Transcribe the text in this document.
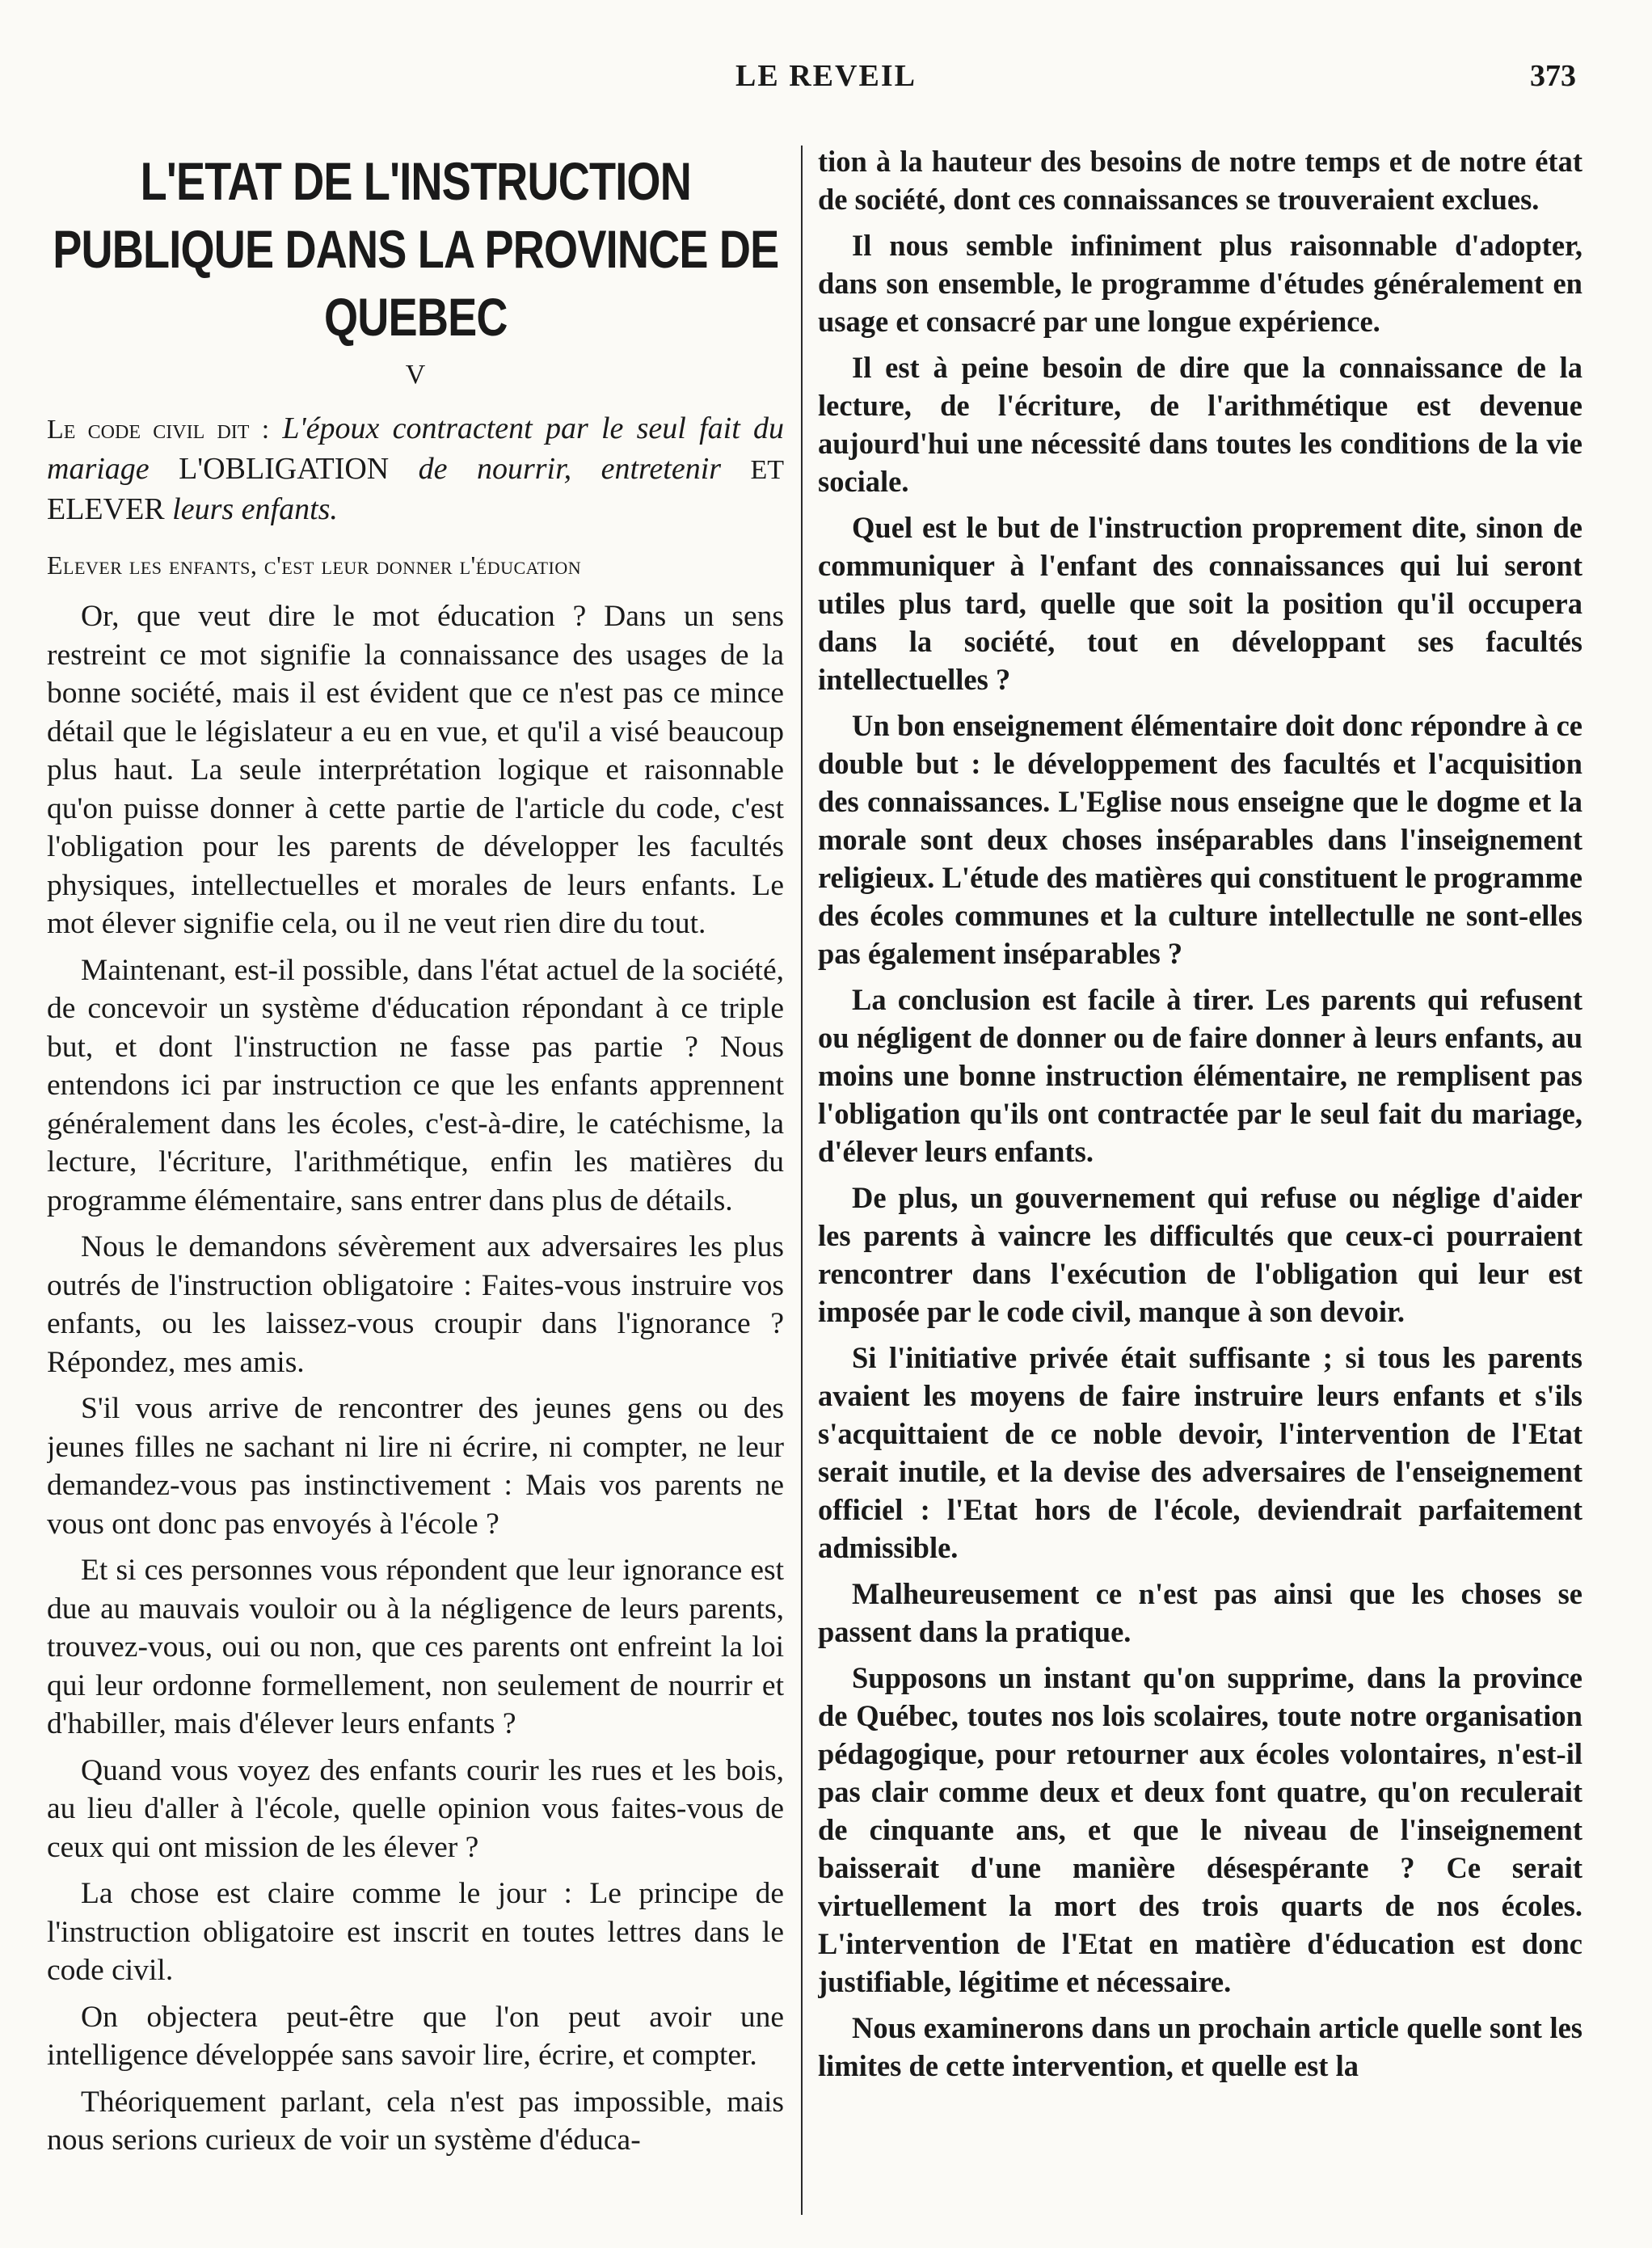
LE REVEIL	373
L'ETAT DE L'INSTRUCTION PUBLIQUE DANS LA PROVINCE DE QUEBEC
V

Le code civil dit : L'époux contractent par le seul fait du mariage L'OBLIGATION de nourrir, entretenir ET ELEVER leurs enfants.

Elever les enfants, c'est leur donner l'éducation

Or, que veut dire le mot éducation ? Dans un sens restreint ce mot signifie la connaissance des usages de la bonne société, mais il est évident que ce n'est pas ce mince détail que le législateur a eu en vue, et qu'il a visé beaucoup plus haut. La seule interprétation logique et raisonnable qu'on puisse donner à cette partie de l'article du code, c'est l'obligation pour les parents de développer les facultés physiques, intellectuelles et morales de leurs enfants. Le mot élever signifie cela, ou il ne veut rien dire du tout.

Maintenant, est-il possible, dans l'état actuel de la société, de concevoir un système d'éducation répondant à ce triple but, et dont l'instruction ne fasse pas partie ? Nous entendons ici par instruction ce que les enfants apprennent généralement dans les écoles, c'est-à-dire, le catéchisme, la lecture, l'écriture, l'arithmétique, enfin les matières du programme élémentaire, sans entrer dans plus de détails.

Nous le demandons sévèrement aux adversaires les plus outrés de l'instruction obligatoire : Faites-vous instruire vos enfants, ou les laissez-vous croupir dans l'ignorance ? Répondez, mes amis.

S'il vous arrive de rencontrer des jeunes gens ou des jeunes filles ne sachant ni lire ni écrire, ni compter, ne leur demandez-vous pas instinctivement : Mais vos parents ne vous ont donc pas envoyés à l'école ?

Et si ces personnes vous répondent que leur ignorance est due au mauvais vouloir ou à la négligence de leurs parents, trouvez-vous, oui ou non, que ces parents ont enfreint la loi qui leur ordonne formellement, non seulement de nourrir et d'habiller, mais d'élever leurs enfants ?

Quand vous voyez des enfants courir les rues et les bois, au lieu d'aller à l'école, quelle opinion vous faites-vous de ceux qui ont mission de les élever ?

La chose est claire comme le jour : Le principe de l'instruction obligatoire est inscrit en toutes lettres dans le code civil.

On objectera peut-être que l'on peut avoir une intelligence développée sans savoir lire, écrire, et compter.

Théoriquement parlant, cela n'est pas impossible, mais nous serions curieux de voir un système d'éduca-

tion à la hauteur des besoins de notre temps et de notre état de société, dont ces connaissances se trouveraient exclues.

Il nous semble infiniment plus raisonnable d'adopter, dans son ensemble, le programme d'études généralement en usage et consacré par une longue expérience.

Il est à peine besoin de dire que la connaissance de la lecture, de l'écriture, de l'arithmétique est devenue aujourd'hui une nécessité dans toutes les conditions de la vie sociale.

Quel est le but de l'instruction proprement dite, sinon de communiquer à l'enfant des connaissances qui lui seront utiles plus tard, quelle que soit la position qu'il occupera dans la société, tout en développant ses facultés intellectuelles ?

Un bon enseignement élémentaire doit donc répondre à ce double but : le développement des facultés et l'acquisition des connaissances. L'Eglise nous enseigne que le dogme et la morale sont deux choses inséparables dans l'inseignement religieux. L'étude des matières qui constituent le programme des écoles communes et la culture intellectulle ne sont-elles pas également inséparables ?

La conclusion est facile à tirer. Les parents qui refusent ou négligent de donner ou de faire donner à leurs enfants, au moins une bonne instruction élémentaire, ne remplisent pas l'obligation qu'ils ont contractée par le seul fait du mariage, d'élever leurs enfants.

De plus, un gouvernement qui refuse ou néglige d'aider les parents à vaincre les difficultés que ceux-ci pourraient rencontrer dans l'exécution de l'obligation qui leur est imposée par le code civil, manque à son devoir.

Si l'initiative privée était suffisante ; si tous les parents avaient les moyens de faire instruire leurs enfants et s'ils s'acquittaient de ce noble devoir, l'intervention de l'Etat serait inutile, et la devise des adversaires de l'enseignement officiel : l'Etat hors de l'école, deviendrait parfaitement admissible.

Malheureusement ce n'est pas ainsi que les choses se passent dans la pratique.

Supposons un instant qu'on supprime, dans la province de Québec, toutes nos lois scolaires, toute notre organisation pédagogique, pour retourner aux écoles volontaires, n'est-il pas clair comme deux et deux font quatre, qu'on reculerait de cinquante ans, et que le niveau de l'inseignement baisserait d'une manière désespérante ? Ce serait virtuellement la mort des trois quarts de nos écoles. L'intervention de l'Etat en matière d'éducation est donc justifiable, légitime et nécessaire.

Nous examinerons dans un prochain article quelle sont les limites de cette intervention, et quelle est la
